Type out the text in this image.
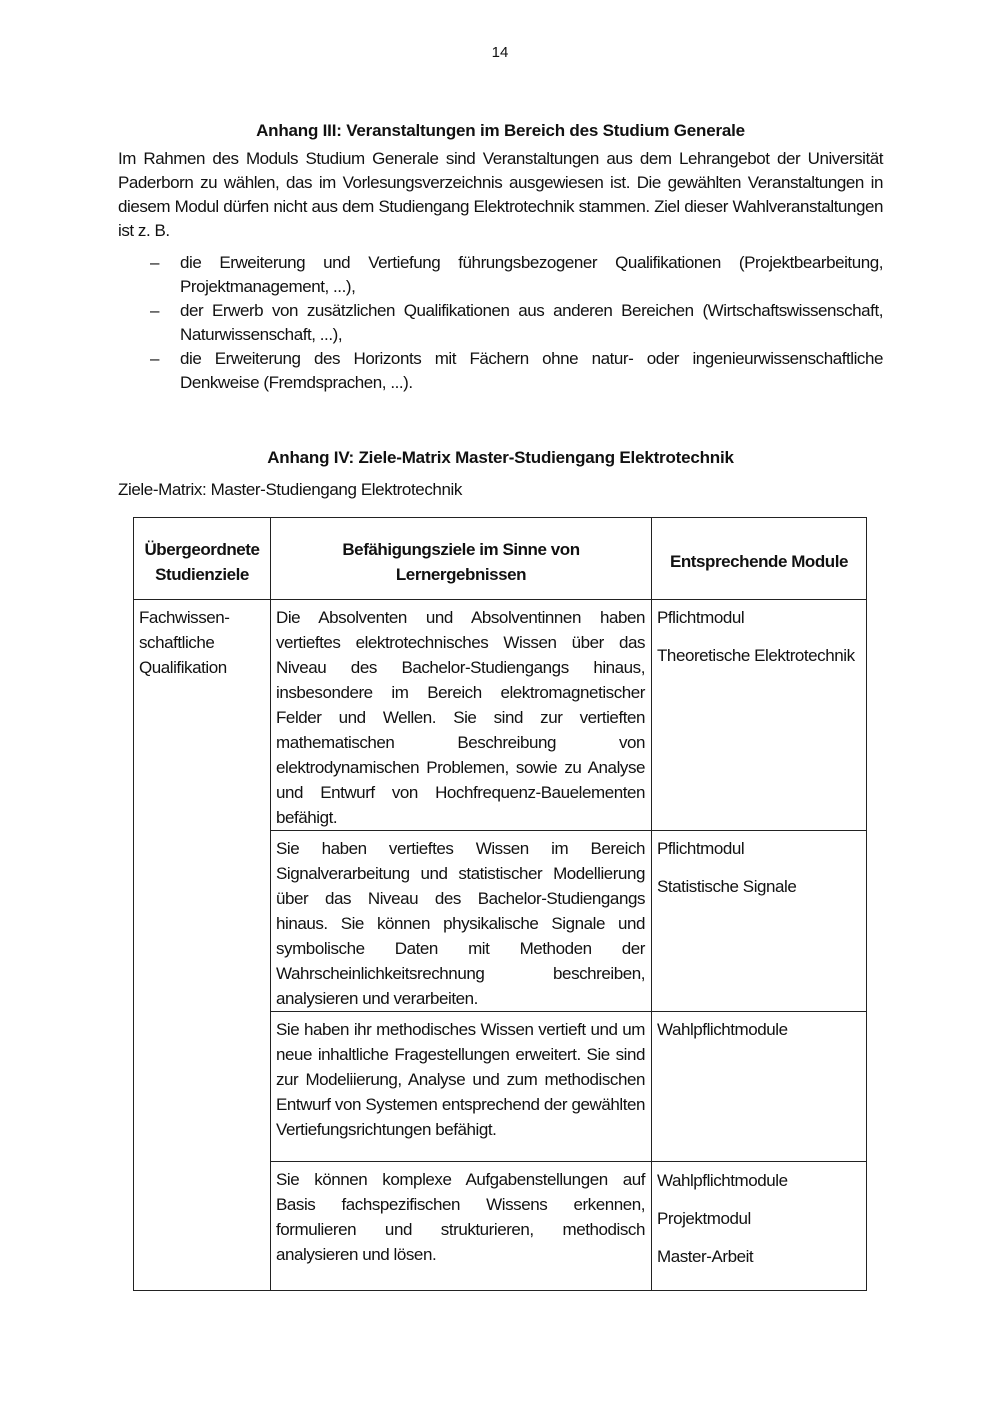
14
Anhang III: Veranstaltungen im Bereich des Studium Generale
Im Rahmen des Moduls Studium Generale sind Veranstaltungen aus dem Lehrangebot der Universität Paderborn zu wählen, das im Vorlesungsverzeichnis ausgewiesen ist. Die gewählten Veranstaltungen in diesem Modul dürfen nicht aus dem Studiengang Elektrotechnik stammen. Ziel dieser Wahlveranstaltungen ist z. B.
– die Erweiterung und Vertiefung führungsbezogener Qualifikationen (Projektbearbeitung, Projektmanagement, ...),
– der Erwerb von zusätzlichen Qualifikationen aus anderen Bereichen (Wirtschaftswissenschaft, Naturwissenschaft, ...),
– die Erweiterung des Horizonts mit Fächern ohne natur- oder ingenieurwissenschaftliche Denkweise (Fremdsprachen, ...).
Anhang IV: Ziele-Matrix Master-Studiengang Elektrotechnik
Ziele-Matrix: Master-Studiengang Elektrotechnik
Übergeordnete Studienziele	Befähigungsziele im Sinne von Lernergebnissen	Entsprechende Module
Fachwissen-schaftliche Qualifikation	Die Absolventen und Absolventinnen haben vertieftes elektrotechnisches Wissen über das Niveau des Bachelor-Studiengangs hinaus, insbesondere im Bereich elektromagnetischer Felder und Wellen. Sie sind zur vertieften mathematischen Beschreibung von elektrodynamischen Problemen, sowie zu Analyse und Entwurf von Hochfrequenz-Bauelementen befähigt.	Pflichtmodul
Theoretische Elektrotechnik

	Sie haben vertieftes Wissen im Bereich Signalverarbeitung und statistischer Modellierung über das Niveau des Bachelor-Studiengangs hinaus. Sie können physikalische Signale und symbolische Daten mit Methoden der Wahrscheinlichkeitsrechnung beschreiben, analysieren und verarbeiten.	Pflichtmodul
Statistische Signale

	Sie haben ihr methodisches Wissen vertieft und um neue inhaltliche Fragestellungen erweitert. Sie sind zur Modeliierung, Analyse und zum methodischen Entwurf von Systemen entsprechend der gewählten Vertiefungsrichtungen befähigt.	Wahlpflichtmodule

	Sie können komplexe Aufgabenstellungen auf Basis fachspezifischen Wissens erkennen, formulieren und strukturieren, methodisch analysieren und lösen.	Wahlpflichtmodule
Projektmodul
Master-Arbeit
